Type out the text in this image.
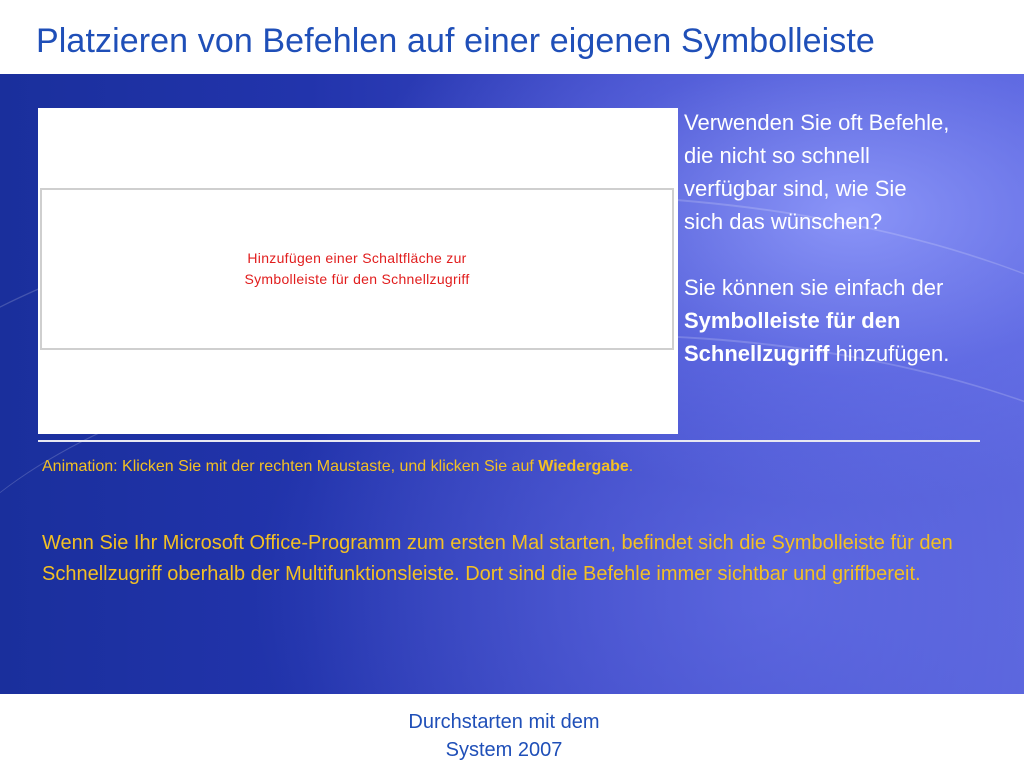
Platzieren von Befehlen auf einer eigenen Symbolleiste
Hinzufügen einer Schaltfläche zur
Symbolleiste für den Schnellzugriff

Verwenden Sie oft Befehle,

die nicht so schnell

verfügbar sind, wie Sie

sich das wünschen?

Sie können sie einfach der

Symbolleiste für den

Schnellzugriff hinzufügen.

Animation: Klicken Sie mit der rechten Maustaste, und klicken Sie auf Wiedergabe.
Wenn Sie Ihr Microsoft Office-Programm zum ersten Mal starten, befindet sich die Symbolleiste für den Schnellzugriff oberhalb der Multifunktionsleiste. Dort sind die Befehle immer sichtbar und griffbereit.
Durchstarten mit dem
System 2007
